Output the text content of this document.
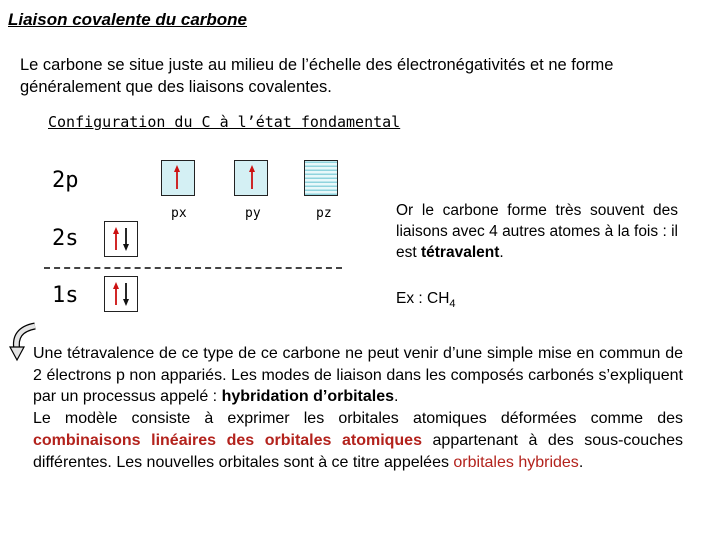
Liaison covalente du carbone
Le carbone se situe juste au milieu de l’échelle des électronégativités et ne forme généralement que des liaisons covalentes.
Configuration du C à l’état fondamental
2p
2s
1s
px	py	pz	Or le carbone forme très souvent des liaisons avec 4 autres atomes à la fois : il est tétravalent.
Ex : $CH_4$
Une tétravalence de ce type de ce carbone ne peut venir d’une simple mise en commun de 2 électrons p non appariés. Les modes de liaison dans les composés carbonés s’expliquent par un processus appelé : hybridation d’orbitales.
Le modèle consiste à exprimer les orbitales atomiques déformées comme des combinaisons linéaires des orbitales atomiques appartenant à des sous-couches différentes. Les nouvelles orbitales sont à ce titre appelées orbitales hybrides.
